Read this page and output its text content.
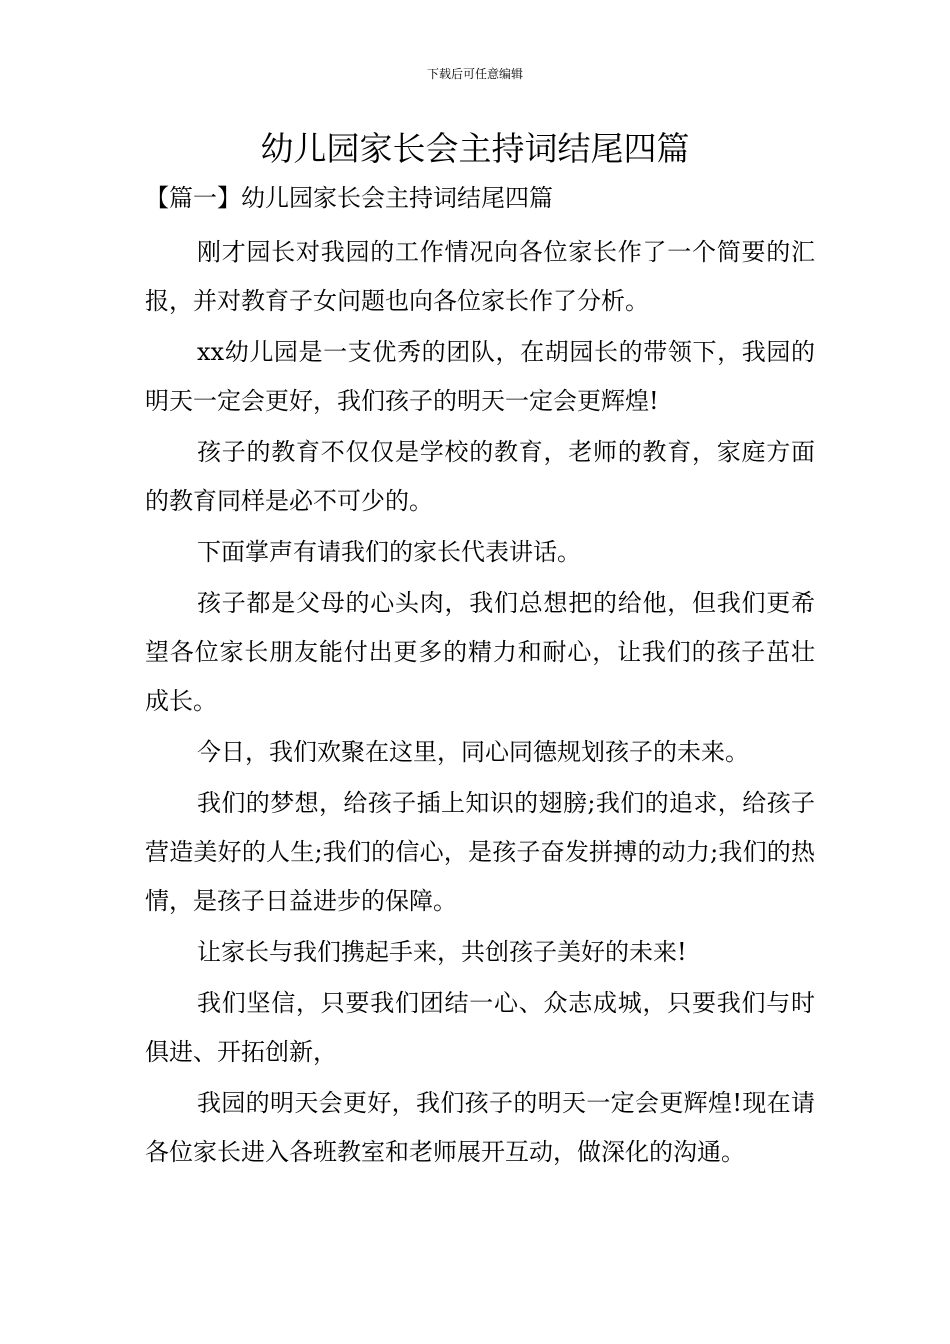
下载后可任意编辑
幼儿园家长会主持词结尾四篇
【篇一】幼儿园家长会主持词结尾四篇

刚才园长对我园的工作情况向各位家长作了一个简要的汇报，并对教育子女问题也向各位家长作了分析。

xx幼儿园是一支优秀的团队，在胡园长的带领下，我园的明天一定会更好，我们孩子的明天一定会更辉煌!

孩子的教育不仅仅是学校的教育，老师的教育，家庭方面的教育同样是必不可少的。

下面掌声有请我们的家长代表讲话。

孩子都是父母的心头肉，我们总想把的给他，但我们更希望各位家长朋友能付出更多的精力和耐心，让我们的孩子茁壮成长。

今日，我们欢聚在这里，同心同德规划孩子的未来。

我们的梦想，给孩子插上知识的翅膀;我们的追求，给孩子营造美好的人生;我们的信心，是孩子奋发拼搏的动力;我们的热情，是孩子日益进步的保障。

让家长与我们携起手来，共创孩子美好的未来!

我们坚信，只要我们团结一心、众志成城，只要我们与时俱进、开拓创新，

我园的明天会更好，我们孩子的明天一定会更辉煌!现在请各位家长进入各班教室和老师展开互动，做深化的沟通。
